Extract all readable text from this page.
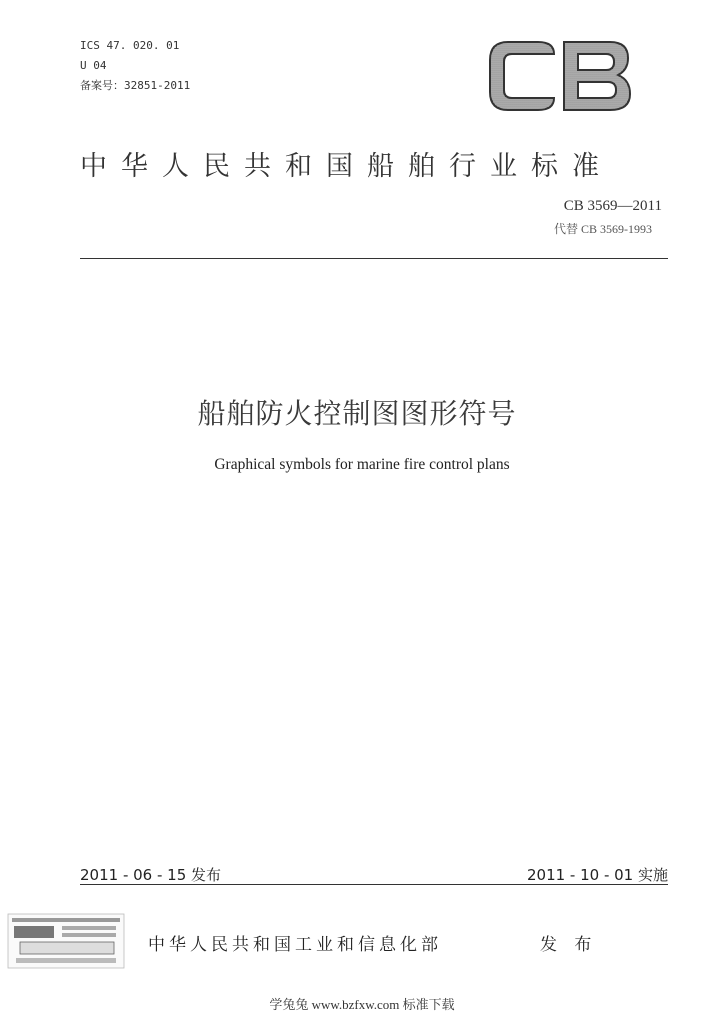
ICS 47. 020. 01
U 04
备案号：32851-2011
中华人民共和国船舶行业标准
CB 3569—2011
代替 CB 3569-1993
船舶防火控制图图形符号
Graphical symbols for marine fire control plans
2011 - 06 - 15 发布	2011 - 10 - 01 实施
中华人民共和国工业和信息化部	发 布
学兔兔 www.bzfxw.com 标准下载
